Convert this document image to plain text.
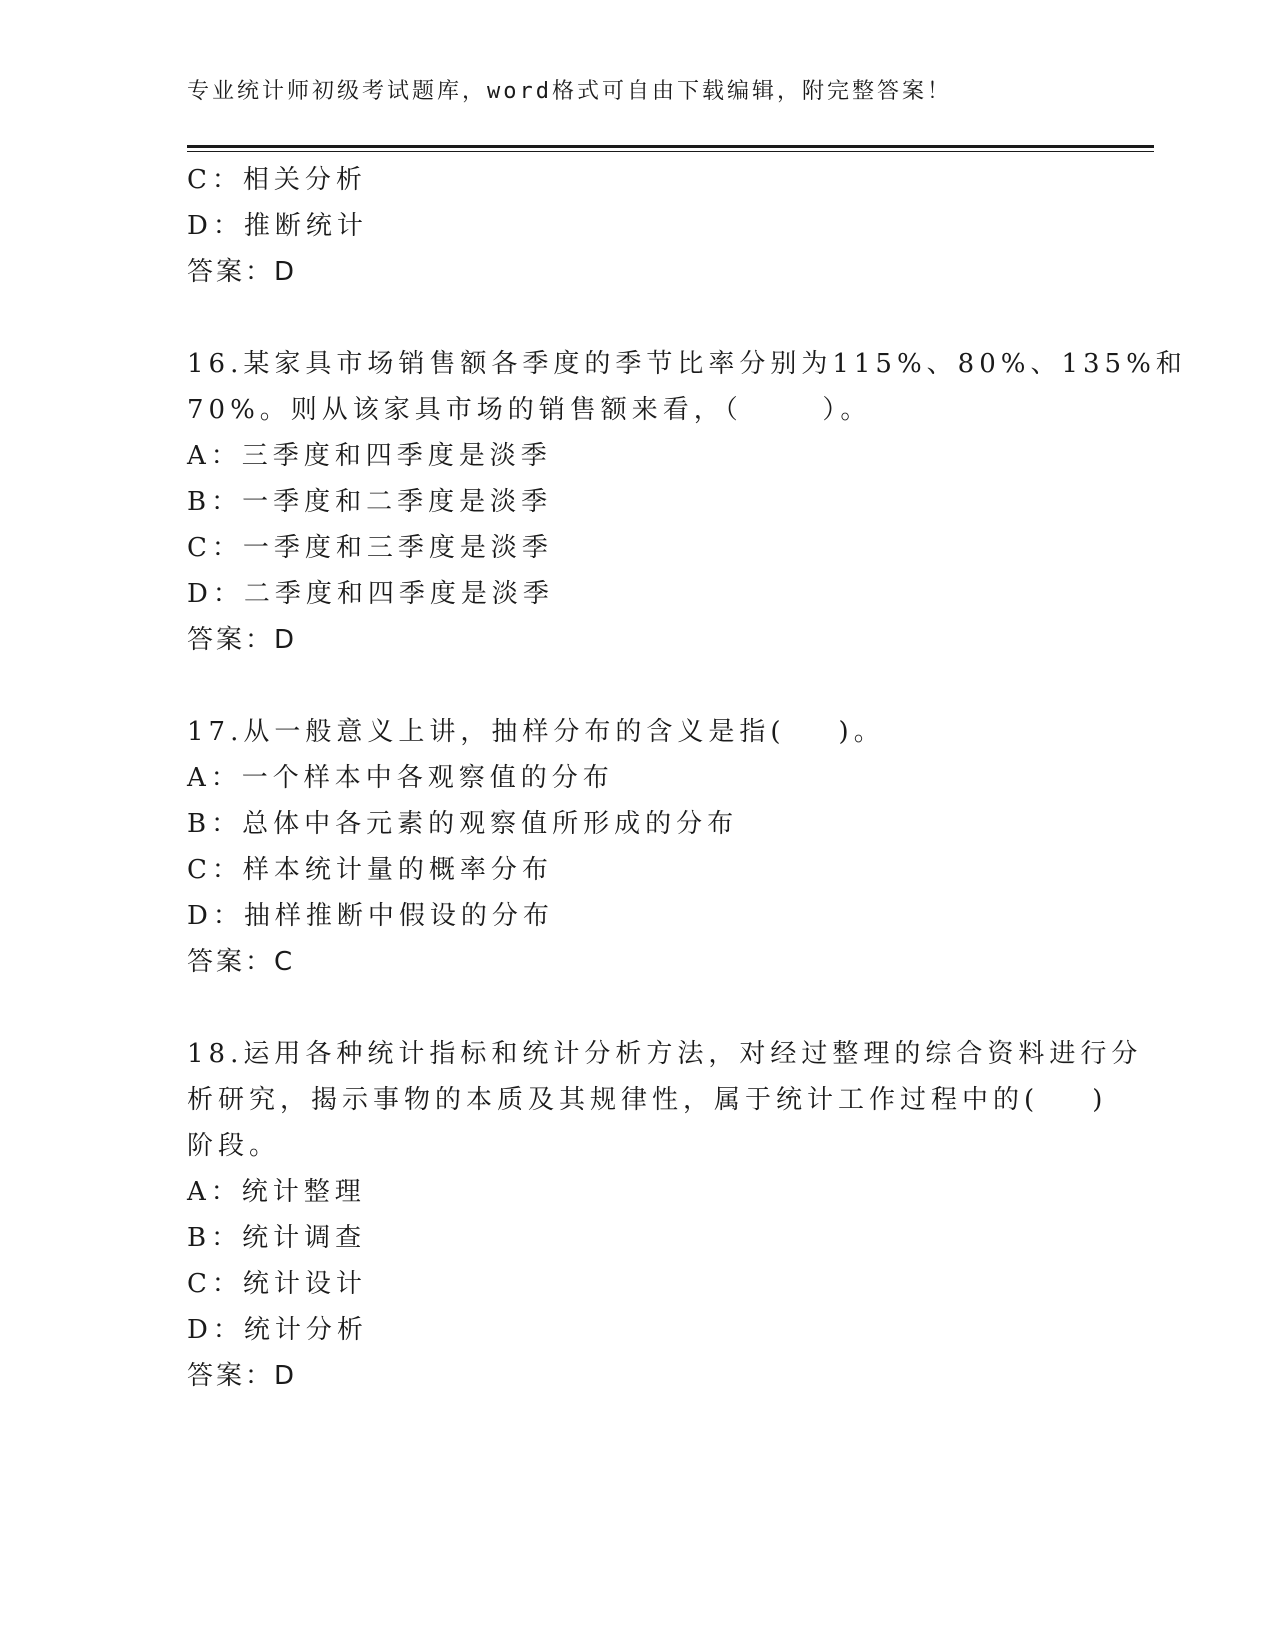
专业统计师初级考试题库，word格式可自由下载编辑，附完整答案！
C：相关分析
D：推断统计
答案：D
16.某家具市场销售额各季度的季节比率分别为115%、80%、135%和
70%。则从该家具市场的销售额来看，（      ）。
A：三季度和四季度是淡季
B：一季度和二季度是淡季
C：一季度和三季度是淡季
D：二季度和四季度是淡季
答案：D
17.从一般意义上讲，抽样分布的含义是指(    )。
A：一个样本中各观察值的分布
B：总体中各元素的观察值所形成的分布
C：样本统计量的概率分布
D：抽样推断中假设的分布
答案：C
18.运用各种统计指标和统计分析方法，对经过整理的综合资料进行分
析研究，揭示事物的本质及其规律性，属于统计工作过程中的(    )
阶段。
A：统计整理
B：统计调查
C：统计设计
D：统计分析
答案：D
